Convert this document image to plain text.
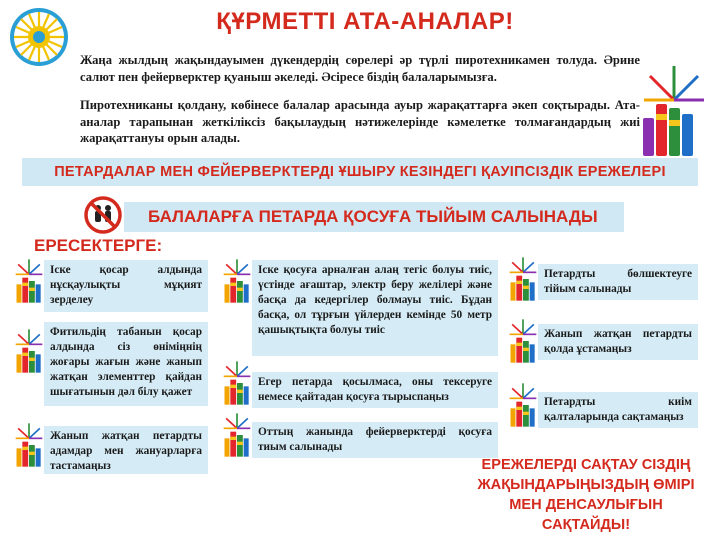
ҚҰРМЕТТІ АТА-АНАЛАР!

Жаңа жылдың жақындауымен дүкендердің сөрелері әр түрлі пиротехникамен толуда. Әрине салют пен фейерверктер қуаныш әкеледі. Әсіресе біздің балаларымызға.

Пиротехниканы қолдану, көбінесе балалар арасында ауыр жарақаттарға әкеп соқтырады. Ата-аналар тарапынан жеткіліксіз бақылаудың нәтижелерінде кәмелетке толмағандардың жиі жарақаттануы орын алады.

ПЕТАРДАЛАР МЕН ФЕЙЕРВЕРКТЕРДІ ҰШЫРУ КЕЗІНДЕГІ ҚАУІПСІЗДІК ЕРЕЖЕЛЕРІ
БАЛАЛАРҒА ПЕТАРДА ҚОСУҒА ТЫЙЫМ САЛЫНАДЫ
ЕРЕСЕКТЕРГЕ:
Іске қосар алдында нұсқаулықты мұқият зерделеу
Фитильдің табанын қосар алдында сіз өніміңнің жоғары жағын және жанып жатқан элементтер қайдан шығатынын дәл білу қажет
Жанып жатқан петардты адамдар мен жануарларға тастамаңыз
Іске қосуға арналған алаң тегіс болуы тиіс, үстінде ағаштар, электр беру желілері және басқа да кедергілер болмауы тиіс. Бұдан басқа, ол тұрғын үйлерден кемінде 50 метр қашықтықта болуы тиіс
Егер петарда қосылмаса, оны тексеруге немесе қайтадан қосуға тырыспаңыз
Оттың жанында фейерверктерді қосуға тиым салынады
Петардты бөлшектеуге тійым салынады
Жанып жатқан петардты қолда ұстамаңыз
Петардты киім қалталарында сақтамаңыз
ЕРЕЖЕЛЕРДІ САҚТАУ СІЗДІҢ ЖАҚЫНДАРЫҢЫЗДЫҢ ӨМІРІ МЕН ДЕНСАУЛЫҒЫН САҚТАЙДЫ!
